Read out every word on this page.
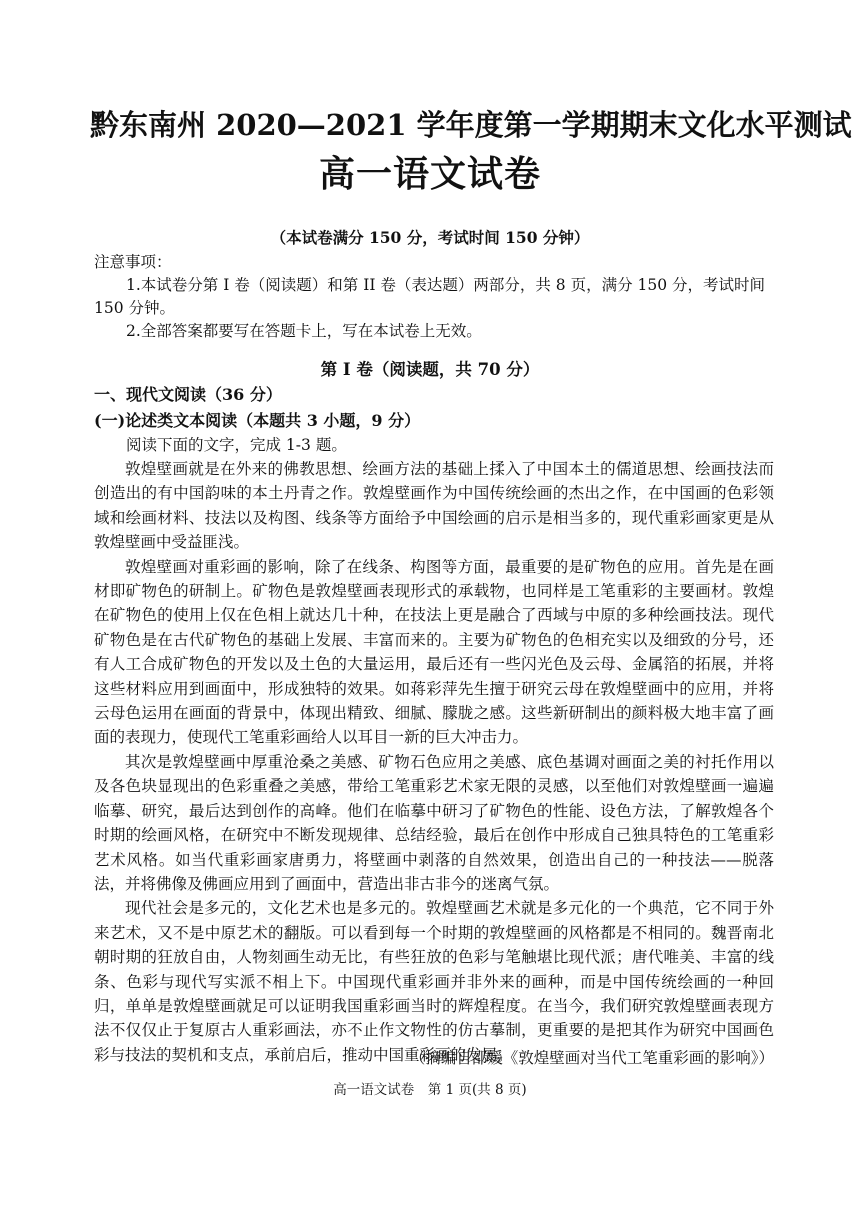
黔东南州 2020—2021 学年度第一学期期末文化水平测试
高一语文试卷
（本试卷满分 150 分，考试时间 150 分钟）
注意事项：
1.本试卷分第 I 卷（阅读题）和第 II 卷（表达题）两部分，共 8 页，满分 150 分，考试时间
150 分钟。
2.全部答案都要写在答题卡上，写在本试卷上无效。
第 I 卷（阅读题，共 70 分）
一、现代文阅读（36 分）
(一)论述类文本阅读（本题共 3 小题，9 分）
阅读下面的文字，完成 1-3 题。

敦煌壁画就是在外来的佛教思想、绘画方法的基础上揉入了中国本土的儒道思想、绘画技法而创造出的有中国韵味的本土丹青之作。敦煌壁画作为中国传统绘画的杰出之作，在中国画的色彩领域和绘画材料、技法以及构图、线条等方面给予中国绘画的启示是相当多的，现代重彩画家更是从敦煌壁画中受益匪浅。

敦煌壁画对重彩画的影响，除了在线条、构图等方面，最重要的是矿物色的应用。首先是在画材即矿物色的研制上。矿物色是敦煌壁画表现形式的承载物，也同样是工笔重彩的主要画材。敦煌在矿物色的使用上仅在色相上就达几十种，在技法上更是融合了西域与中原的多种绘画技法。现代矿物色是在古代矿物色的基础上发展、丰富而来的。主要为矿物色的色相充实以及细致的分号，还有人工合成矿物色的开发以及土色的大量运用，最后还有一些闪光色及云母、金属箔的拓展，并将这些材料应用到画面中，形成独特的效果。如蒋彩萍先生擅于研究云母在敦煌壁画中的应用，并将云母色运用在画面的背景中，体现出精致、细腻、朦胧之感。这些新研制出的颜料极大地丰富了画面的表现力，使现代工笔重彩画给人以耳目一新的巨大冲击力。

其次是敦煌壁画中厚重沧桑之美感、矿物石色应用之美感、底色基调对画面之美的衬托作用以及各色块显现出的色彩重叠之美感，带给工笔重彩艺术家无限的灵感，以至他们对敦煌壁画一遍遍临摹、研究，最后达到创作的高峰。他们在临摹中研习了矿物色的性能、设色方法，了解敦煌各个时期的绘画风格，在研究中不断发现规律、总结经验，最后在创作中形成自己独具特色的工笔重彩艺术风格。如当代重彩画家唐勇力，将壁画中剥落的自然效果，创造出自己的一种技法——脱落法，并将佛像及佛画应用到了画面中，营造出非古非今的迷离气氛。

现代社会是多元的，文化艺术也是多元的。敦煌壁画艺术就是多元化的一个典范，它不同于外来艺术，又不是中原艺术的翻版。可以看到每一个时期的敦煌壁画的风格都是不相同的。魏晋南北朝时期的狂放自由，人物刻画生动无比，有些狂放的色彩与笔触堪比现代派；唐代唯美、丰富的线条、色彩与现代写实派不相上下。中国现代重彩画并非外来的画种，而是中国传统绘画的一种回归，单单是敦煌壁画就足可以证明我国重彩画当时的辉煌程度。在当今，我们研究敦煌壁画表现方法不仅仅止于复原古人重彩画法，亦不止作文物性的仿古摹制，更重要的是把其作为研究中国画色彩与技法的契机和支点，承前启后，推动中国重彩画的发展。

（摘编自邵媛《敦煌壁画对当代工笔重彩画的影响》）
高一语文试卷　第 1 页(共 8 页)
